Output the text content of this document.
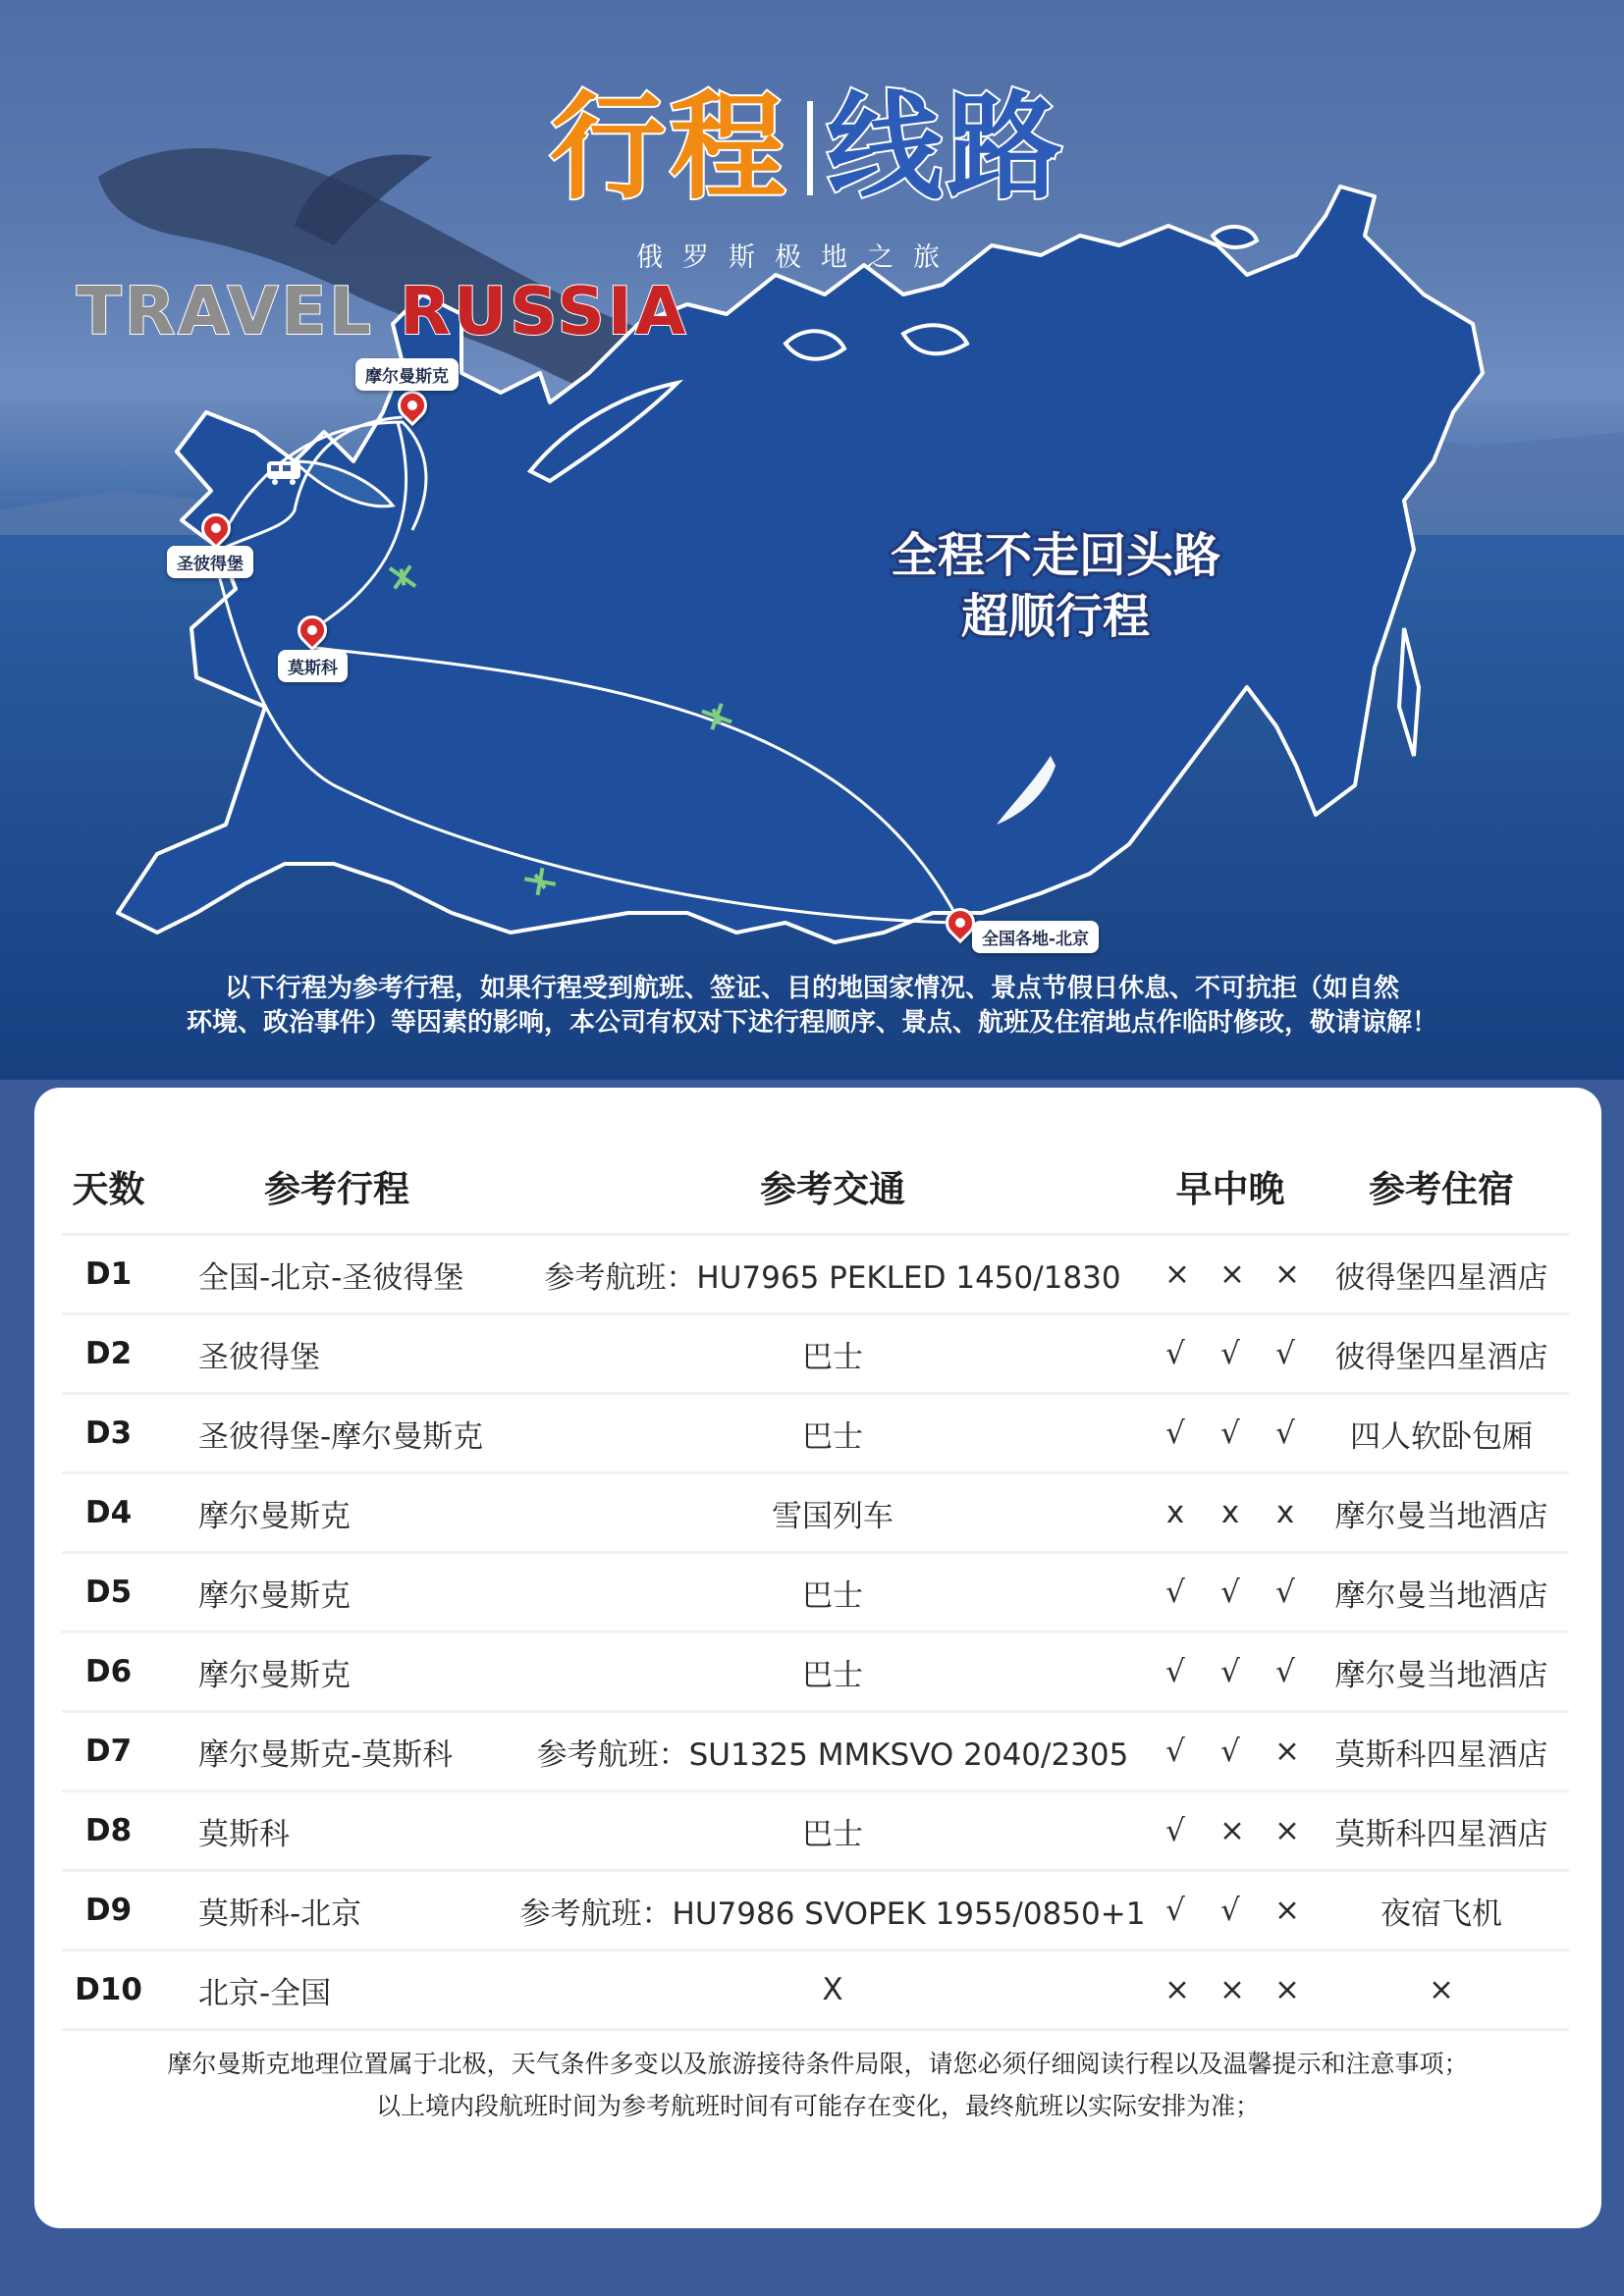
行程 线路
俄罗斯极地之旅
TRAVEL RUSSIA
摩尔曼斯克
圣彼得堡
莫斯科
全国各地-北京
全程不走回头路
超顺行程
以下行程为参考行程，如果行程受到航班、签证、目的地国家情况、景点节假日休息、不可抗拒（如自然
环境、政治事件）等因素的影响，本公司有权对下述行程顺序、景点、航班及住宿地点作临时修改，敬请谅解！
天数	参考行程	参考交通	早中晚	参考住宿
D1	全国-北京-圣彼得堡	参考航班：HU7965 PEKLED 1450/1830	× × ×	彼得堡四星酒店
D2	圣彼得堡	巴士	√ √ √	彼得堡四星酒店
D3	圣彼得堡-摩尔曼斯克	巴士	√ √ √	四人软卧包厢
D4	摩尔曼斯克	雪国列车	x x x	摩尔曼当地酒店
D5	摩尔曼斯克	巴士	√ √ √	摩尔曼当地酒店
D6	摩尔曼斯克	巴士	√ √ √	摩尔曼当地酒店
D7	摩尔曼斯克-莫斯科	参考航班：SU1325 MMKSVO 2040/2305	√ √ ×	莫斯科四星酒店
D8	莫斯科	巴士	√ × ×	莫斯科四星酒店
D9	莫斯科-北京	参考航班：HU7986 SVOPEK 1955/0850+1	√ √ ×	夜宿飞机
D10	北京-全国	X	× × ×	×
摩尔曼斯克地理位置属于北极，天气条件多变以及旅游接待条件局限，请您必须仔细阅读行程以及温馨提示和注意事项；
以上境内段航班时间为参考航班时间有可能存在变化，最终航班以实际安排为准；
